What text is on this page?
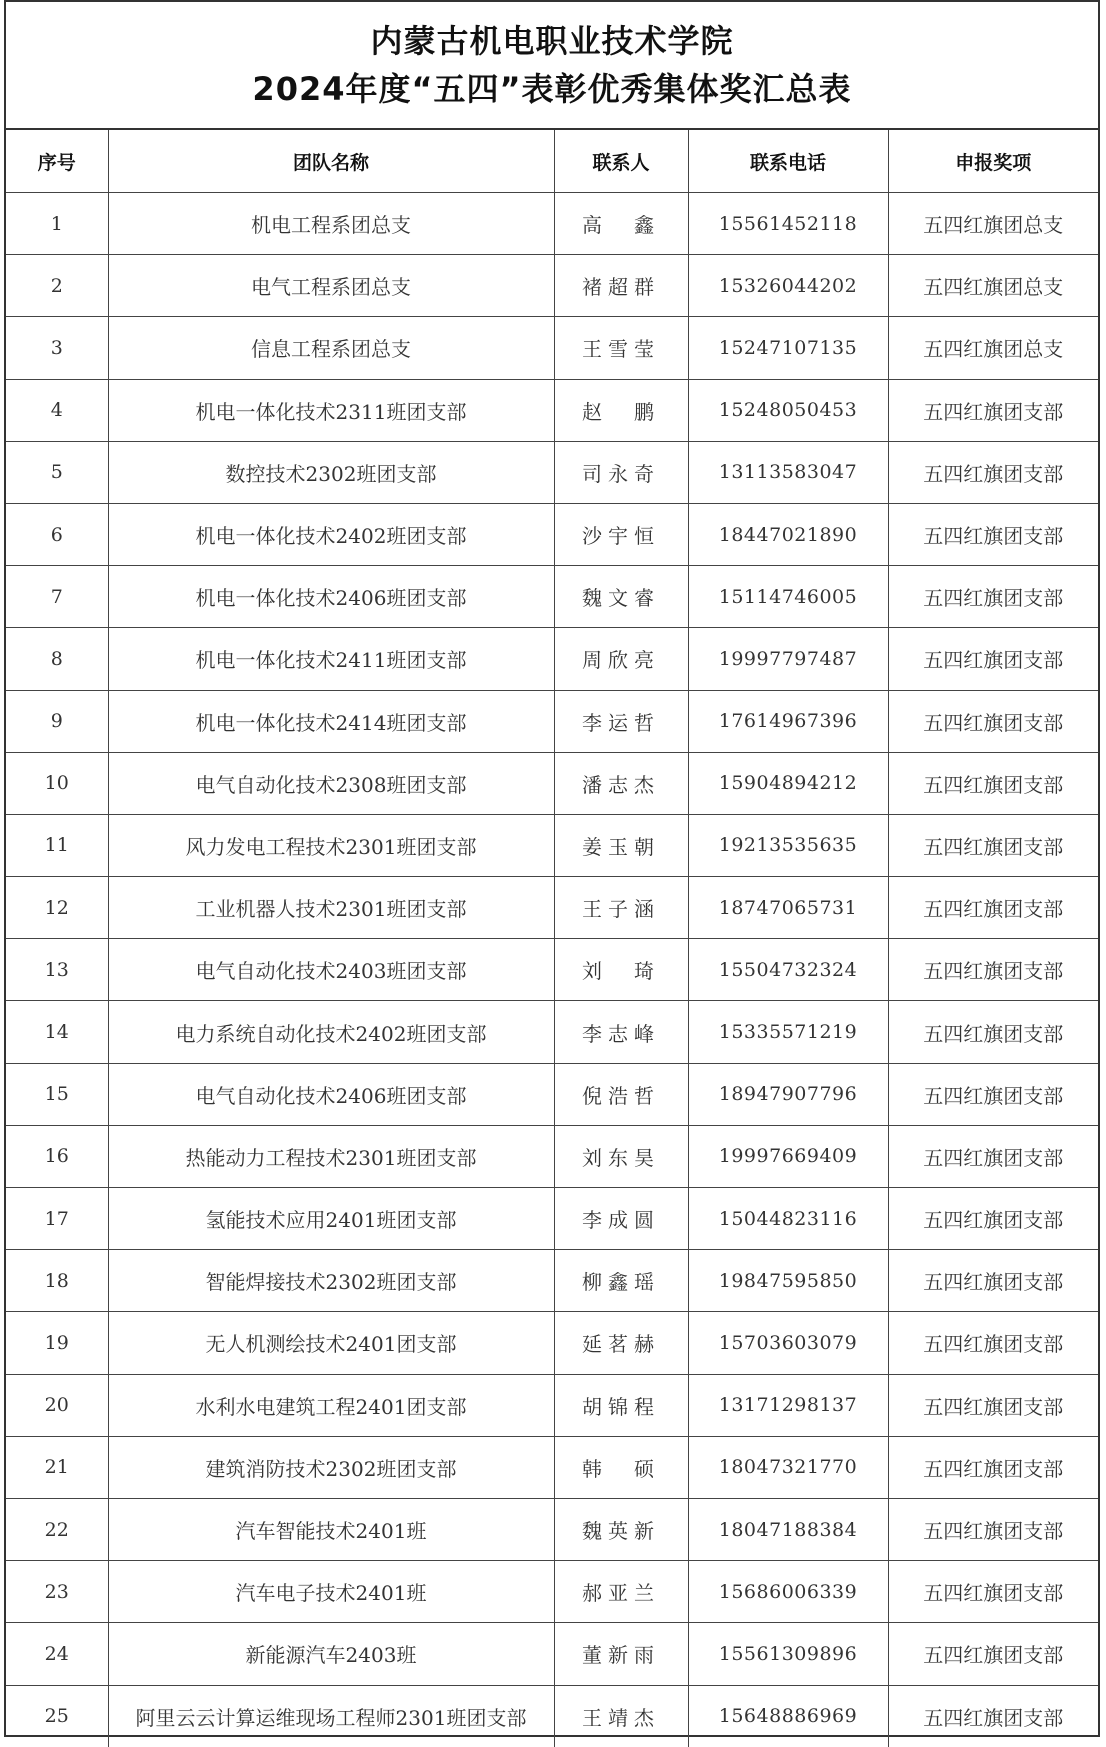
内蒙古机电职业技术学院
2024年度“五四”表彰优秀集体奖汇总表
序号	团队名称	联系人	联系电话	申报奖项
1	机电工程系团总支	高　鑫	15561452118	五四红旗团总支
2	电气工程系团总支	褚超群	15326044202	五四红旗团总支
3	信息工程系团总支	王雪莹	15247107135	五四红旗团总支
4	机电一体化技术2311班团支部	赵　鹏	15248050453	五四红旗团支部
5	数控技术2302班团支部	司永奇	13113583047	五四红旗团支部
6	机电一体化技术2402班团支部	沙宇恒	18447021890	五四红旗团支部
7	机电一体化技术2406班团支部	魏文睿	15114746005	五四红旗团支部
8	机电一体化技术2411班团支部	周欣亮	19997797487	五四红旗团支部
9	机电一体化技术2414班团支部	李运哲	17614967396	五四红旗团支部
10	电气自动化技术2308班团支部	潘志杰	15904894212	五四红旗团支部
11	风力发电工程技术2301班团支部	姜玉朝	19213535635	五四红旗团支部
12	工业机器人技术2301班团支部	王子涵	18747065731	五四红旗团支部
13	电气自动化技术2403班团支部	刘　琦	15504732324	五四红旗团支部
14	电力系统自动化技术2402班团支部	李志峰	15335571219	五四红旗团支部
15	电气自动化技术2406班团支部	倪浩哲	18947907796	五四红旗团支部
16	热能动力工程技术2301班团支部	刘东昊	19997669409	五四红旗团支部
17	氢能技术应用2401班团支部	李成圆	15044823116	五四红旗团支部
18	智能焊接技术2302班团支部	柳鑫瑶	19847595850	五四红旗团支部
19	无人机测绘技术2401团支部	延茗赫	15703603079	五四红旗团支部
20	水利水电建筑工程2401团支部	胡锦程	13171298137	五四红旗团支部
21	建筑消防技术2302班团支部	韩　硕	18047321770	五四红旗团支部
22	汽车智能技术2401班	魏英新	18047188384	五四红旗团支部
23	汽车电子技术2401班	郝亚兰	15686006339	五四红旗团支部
24	新能源汽车2403班	董新雨	15561309896	五四红旗团支部
25	阿里云云计算运维现场工程师2301班团支部	王靖杰	15648886969	五四红旗团支部
